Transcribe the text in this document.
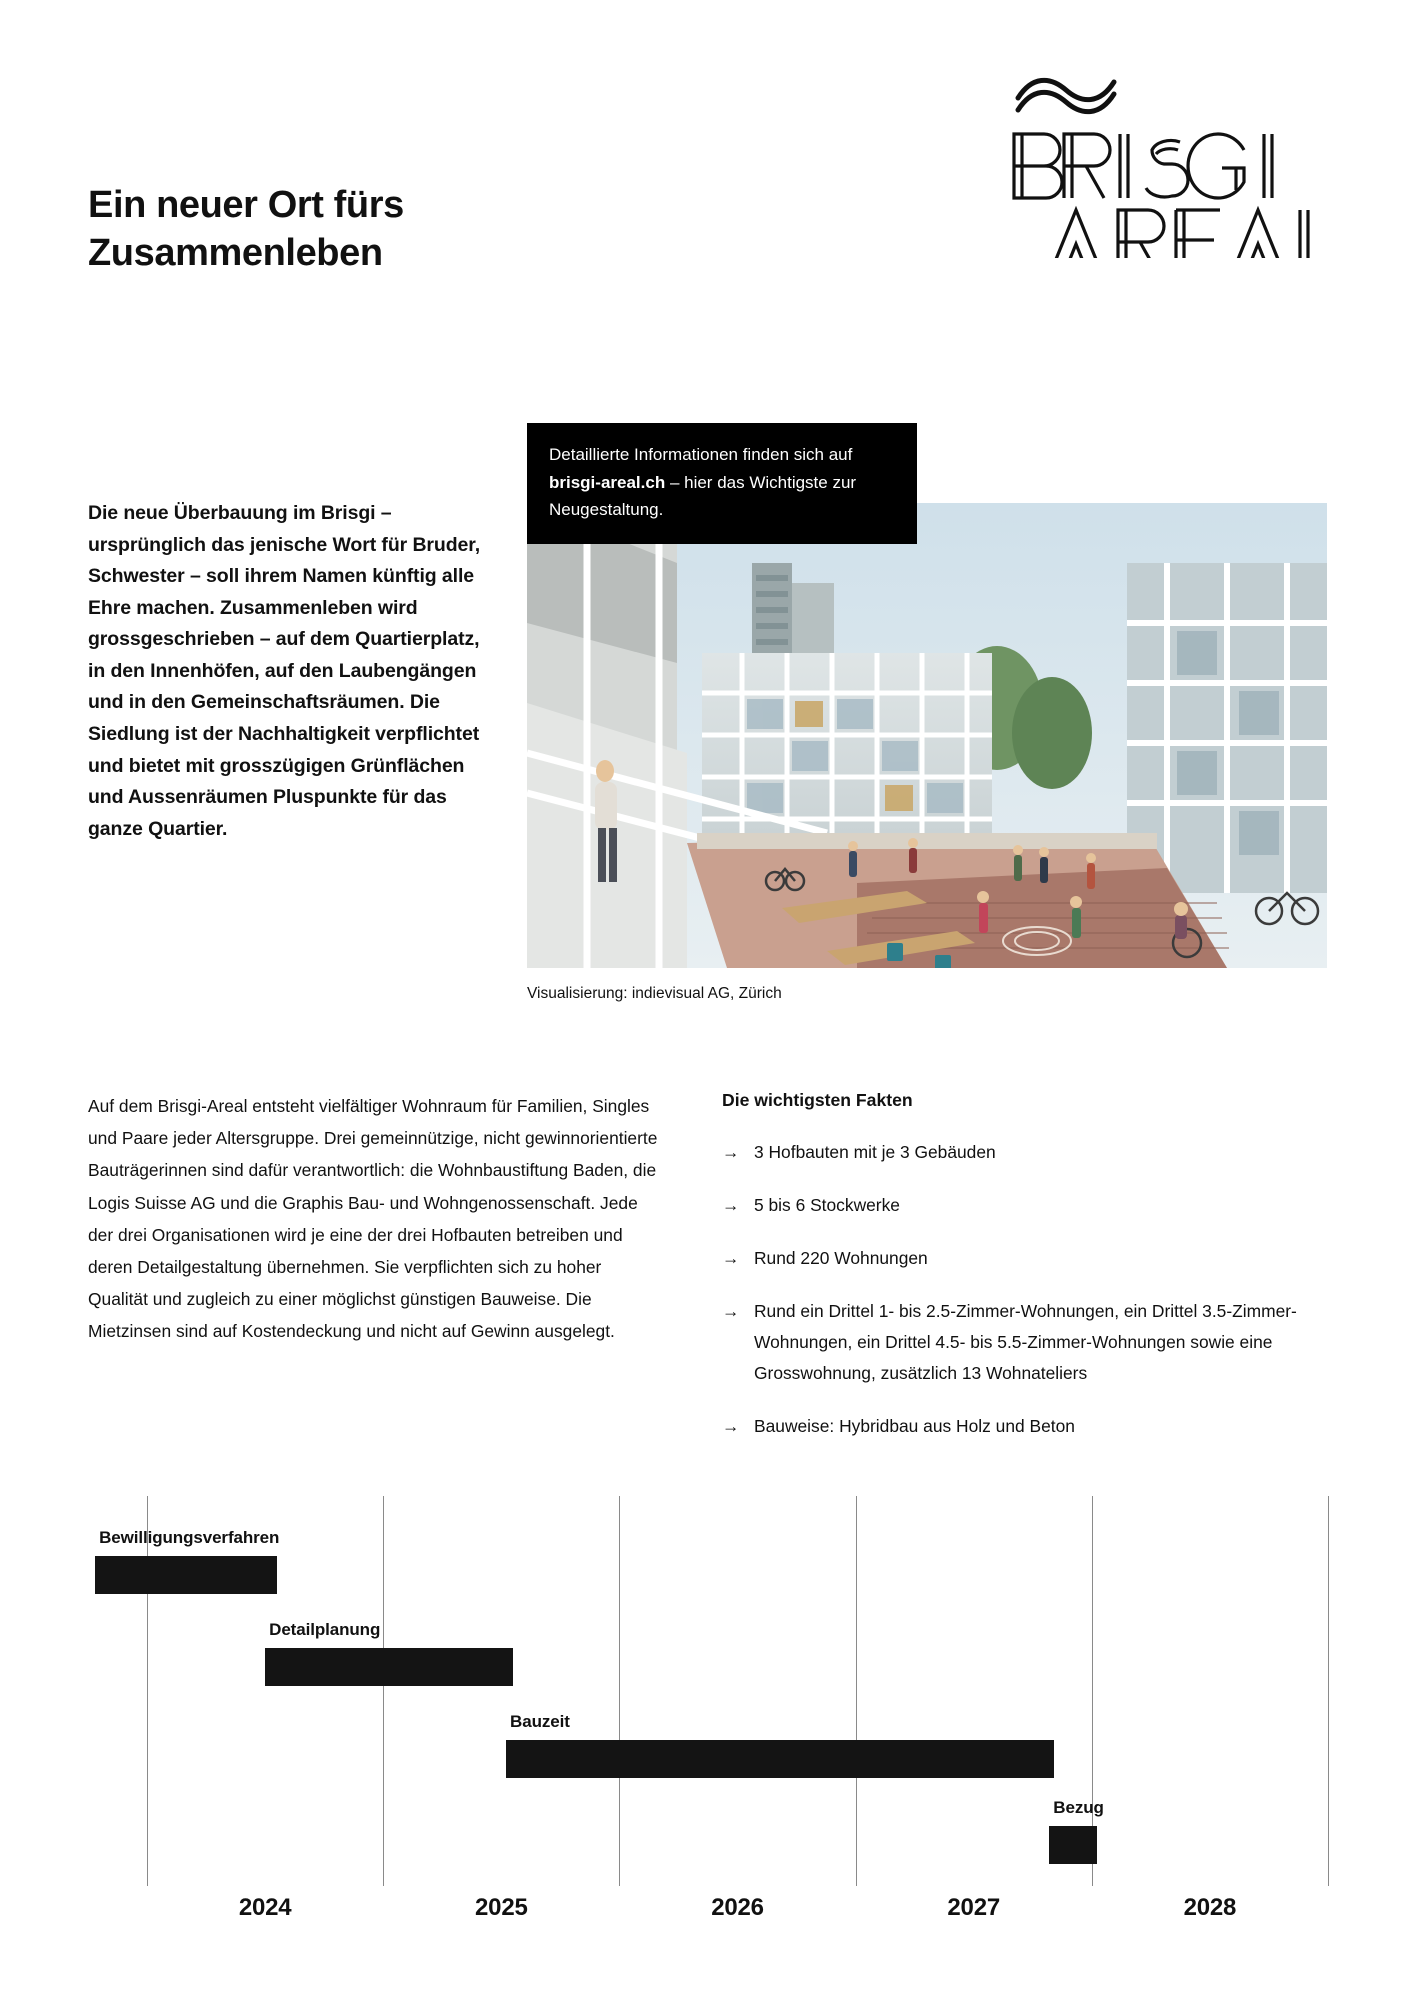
Ein neuer Ort fürs Zusammenleben

Die neue Überbauung im Brisgi – ursprünglich das jenische Wort für Bruder, Schwester – soll ihrem Namen künftig alle Ehre machen. Zusammenleben wird grossgeschrieben – auf dem Quartierplatz, in den Innenhöfen, auf den Laubengängen und in den Gemeinschaftsräumen. Die Siedlung ist der Nachhaltigkeit verpflichtet und bietet mit grosszügigen Grünflächen und Aussenräumen Pluspunkte für das ganze Quartier.

Detaillierte Informationen finden sich auf brisgi-areal.ch – hier das Wichtigste zur Neugestaltung.
Visualisierung: indievisual AG, Zürich

Auf dem Brisgi-Areal entsteht vielfältiger Wohnraum für Familien, Singles und Paare jeder Altersgruppe. Drei gemeinnützige, nicht gewinnorientierte Bauträgerinnen sind dafür verantwortlich: die Wohnbaustiftung Baden, die Logis Suisse AG und die Graphis Bau- und Wohngenossenschaft. Jede der drei Organisationen wird je eine der drei Hofbauten betreiben und deren Detailgestaltung übernehmen. Sie verpflichten sich zu hoher Qualität und zugleich zu einer möglichst günstigen Bauweise. Die Mietzinsen sind auf Kostendeckung und nicht auf Gewinn ausgelegt.

Die wichtigsten Fakten
→ 3 Hofbauten mit je 3 Gebäuden
→ 5 bis 6 Stockwerke
→ Rund 220 Wohnungen
→ Rund ein Drittel 1- bis 2.5-Zimmer-Wohnungen, ein Drittel 3.5-Zimmer-Wohnungen, ein Drittel 4.5- bis 5.5-Zimmer-Wohnungen sowie eine Grosswohnung, zusätzlich 13 Wohnateliers
→ Bauweise: Hybridbau aus Holz und Beton
Bewilligungsverfahren
Detailplanung
Bauzeit
Bezug
2024	2025	2026	2027	2028
